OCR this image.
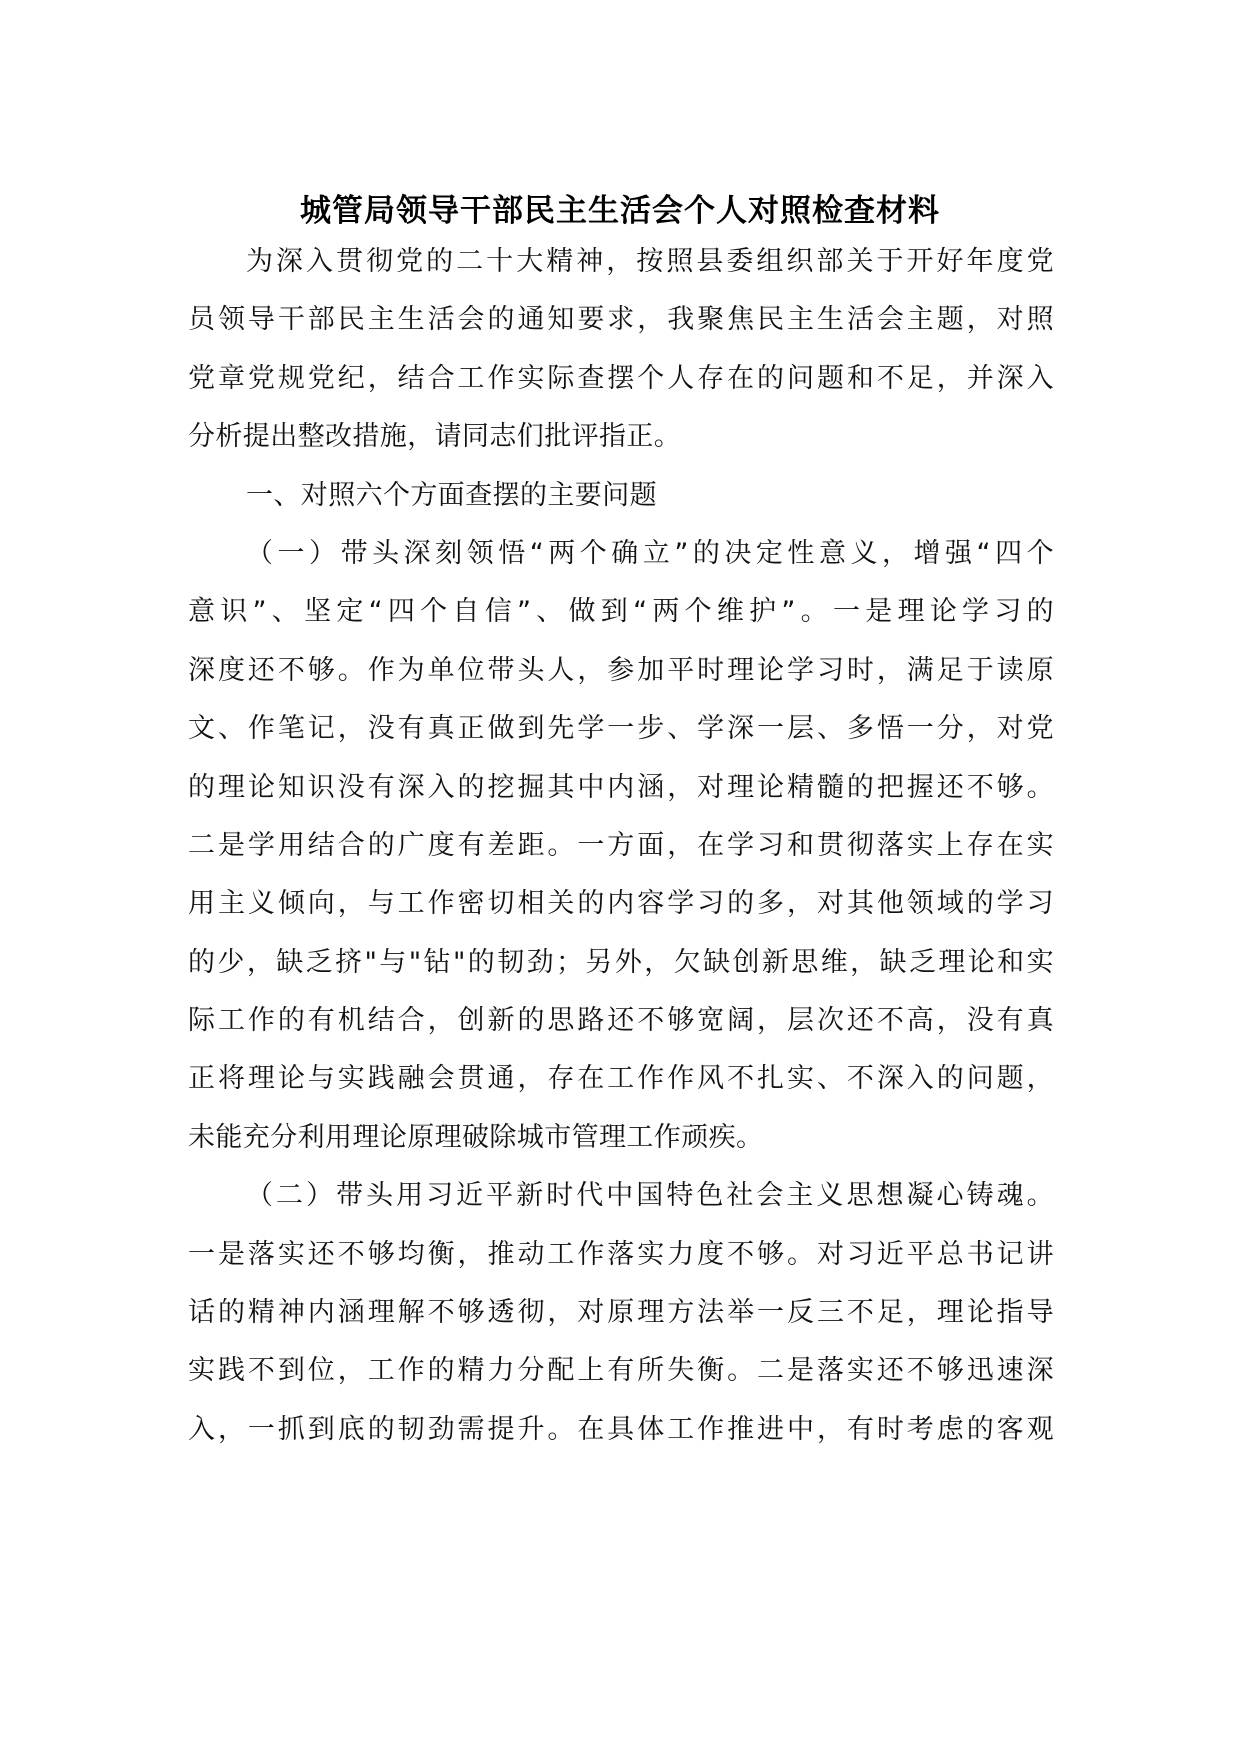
城管局领导干部民主生活会个人对照检查材料
为深入贯彻党的二十大精神，按照县委组织部关于开好年度党
员领导干部民主生活会的通知要求，我聚焦民主生活会主题，对照
党章党规党纪，结合工作实际查摆个人存在的问题和不足，并深入
分析提出整改措施，请同志们批评指正。
一、对照六个方面查摆的主要问题
（一）带头深刻领悟“两个确立”的决定性意义，增强“四个
意识”、坚定“四个自信”、做到“两个维护”。一是理论学习的
深度还不够。作为单位带头人，参加平时理论学习时，满足于读原
文、作笔记，没有真正做到先学一步、学深一层、多悟一分，对党
的理论知识没有深入的挖掘其中内涵，对理论精髓的把握还不够。
二是学用结合的广度有差距。一方面，在学习和贯彻落实上存在实
用主义倾向，与工作密切相关的内容学习的多，对其他领域的学习
的少，缺乏挤"与"钻"的韧劲；另外，欠缺创新思维，缺乏理论和实
际工作的有机结合，创新的思路还不够宽阔，层次还不高，没有真
正将理论与实践融会贯通，存在工作作风不扎实、不深入的问题，
未能充分利用理论原理破除城市管理工作顽疾。
（二）带头用习近平新时代中国特色社会主义思想凝心铸魂。
一是落实还不够均衡，推动工作落实力度不够。对习近平总书记讲
话的精神内涵理解不够透彻，对原理方法举一反三不足，理论指导
实践不到位，工作的精力分配上有所失衡。二是落实还不够迅速深
入，一抓到底的韧劲需提升。在具体工作推进中，有时考虑的客观
